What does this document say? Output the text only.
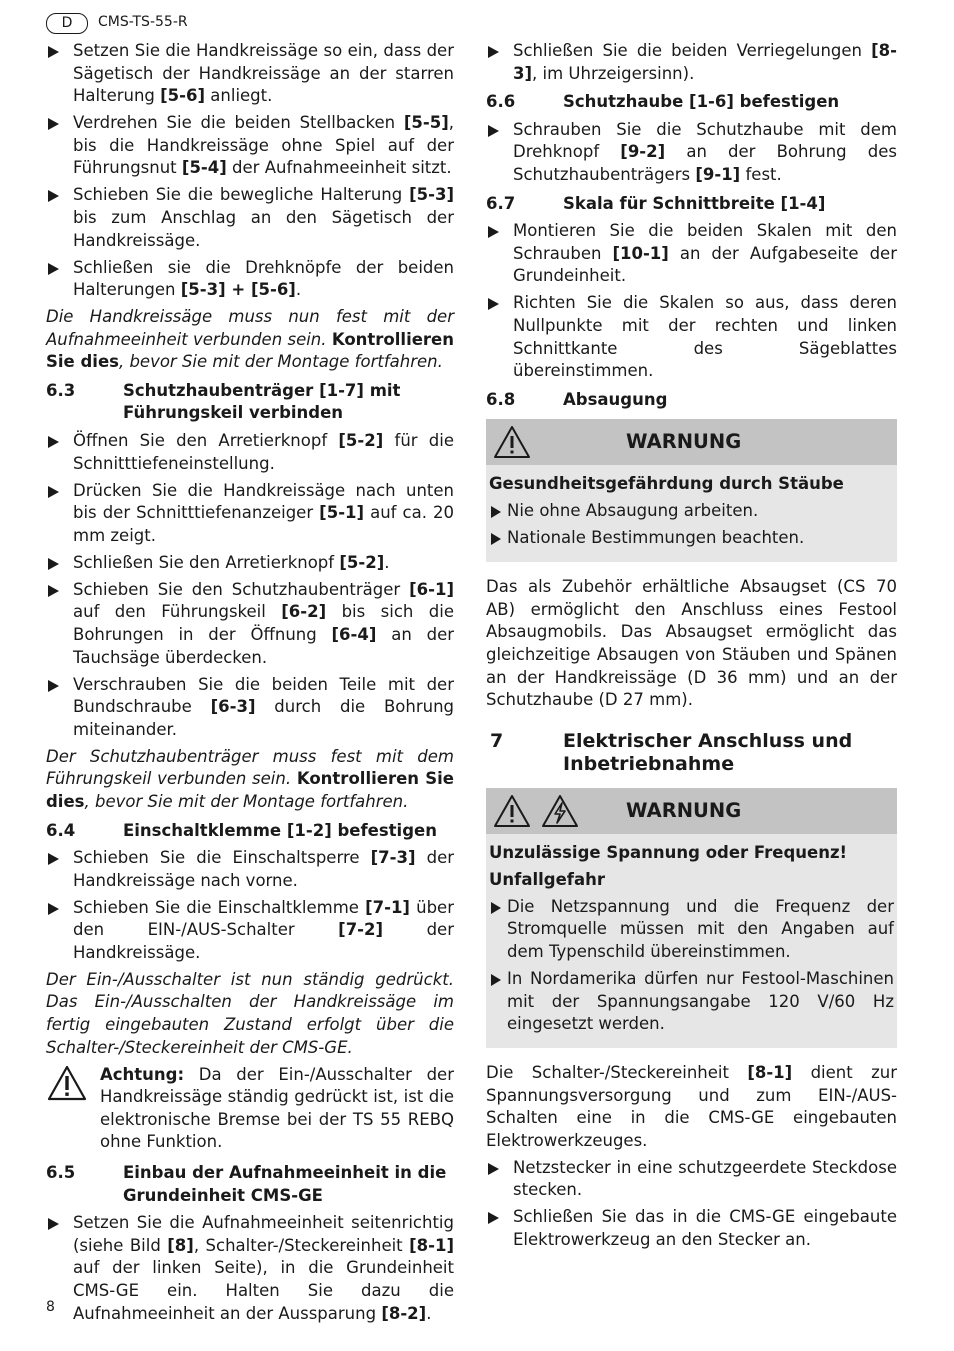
D	CMS-TS-55-R
Setzen Sie die Handkreissäge so ein, dass der Sägetisch der Handkreissäge an der starren Halterung [5-6] anliegt.
Verdrehen Sie die beiden Stellbacken [5-5], bis die Handkreissäge ohne Spiel auf der Führungsnut [5-4] der Aufnahmeeinheit sitzt.
Schieben Sie die bewegliche Halterung [5-3] bis zum Anschlag an den Sägetisch der Handkreissäge.
Schließen sie die Drehknöpfe der beiden Halterungen [5-3] + [5-6].
Die Handkreissäge muss nun fest mit der Aufnahmeeinheit verbunden sein. Kontrollieren Sie dies, bevor Sie mit der Montage fortfahren.
6.3	Schutzhaubenträger [1-7] mit Führungskeil verbinden
Öffnen Sie den Arretierknopf [5-2] für die Schnitttiefeneinstellung.
Drücken Sie die Handkreissäge nach unten bis der Schnitttiefenanzeiger [5-1] auf ca. 20 mm zeigt.
Schließen Sie den Arretierknopf [5-2].
Schieben Sie den Schutzhaubenträger [6-1] auf den Führungskeil [6-2] bis sich die Bohrungen in der Öffnung [6-4] an der Tauchsäge überdecken.
Verschrauben Sie die beiden Teile mit der Bundschraube [6-3] durch die Bohrung miteinander.
Der Schutzhaubenträger muss fest mit dem Führungskeil verbunden sein. Kontrollieren Sie dies, bevor Sie mit der Montage fortfahren.
6.4	Einschaltklemme [1-2] befestigen
Schieben Sie die Einschaltsperre [7-3] der Handkreissäge nach vorne.
Schieben Sie die Einschaltklemme [7-1] über den EIN-/AUS-Schalter [7-2] der Handkreissäge.
Der Ein-/Ausschalter ist nun ständig gedrückt. Das Ein-/Ausschalten der Handkreissäge im fertig eingebauten Zustand erfolgt über die Schalter-/Steckereinheit der CMS-GE.
Achtung: Da der Ein-/Ausschalter der Handkreissäge ständig gedrückt ist, ist die elektronische Bremse bei der TS 55 REBQ ohne Funktion.
6.5	Einbau der Aufnahmeeinheit in die Grundeinheit CMS-GE
Setzen Sie die Aufnahmeeinheit seitenrichtig (siehe Bild [8], Schalter-/Steckereinheit [8-1] auf der linken Seite), in die Grundeinheit CMS-GE ein. Halten Sie dazu die Aufnahmeeinheit an der Aussparung [8-2].
Schließen Sie die beiden Verriegelungen [8-3], im Uhrzeigersinn).
6.6	Schutzhaube [1-6] befestigen
Schrauben Sie die Schutzhaube mit dem Drehknopf [9-2] an der Bohrung des Schutzhaubenträgers [9-1] fest.
6.7	Skala für Schnittbreite [1-4]
Montieren Sie die beiden Skalen mit den Schrauben [10-1] an der Aufgabeseite der Grundeinheit.
Richten Sie die Skalen so aus, dass deren Nullpunkte mit der rechten und linken Schnittkante des Sägeblattes übereinstimmen.
6.8	Absaugung
WARNUNG
Gesundheitsgefährdung durch Stäube
Nie ohne Absaugung arbeiten.
Nationale Bestimmungen beachten.
Das als Zubehör erhältliche Absaugset (CS 70 AB) ermöglicht den Anschluss eines Festool Absaugmobils. Das Absaugset ermöglicht das gleichzeitige Absaugen von Stäuben und Spänen an der Handkreissäge (D 36 mm) und an der Schutzhaube (D 27 mm).
7	Elektrischer Anschluss und Inbetriebnahme
WARNUNG
Unzulässige Spannung oder Frequenz!
Unfallgefahr
Die Netzspannung und die Frequenz der Stromquelle müssen mit den Angaben auf dem Typenschild übereinstimmen.
In Nordamerika dürfen nur Festool-Maschinen mit der Spannungsangabe 120 V/60 Hz eingesetzt werden.
Die Schalter-/Steckereinheit [8-1] dient zur Spannungsversorgung und zum EIN-/AUS-Schalten eine in die CMS-GE eingebauten Elektrowerkzeuges.
Netzstecker in eine schutzgeerdete Steckdose stecken.
Schließen Sie das in die CMS-GE eingebaute Elektrowerkzeug an den Stecker an.
8
